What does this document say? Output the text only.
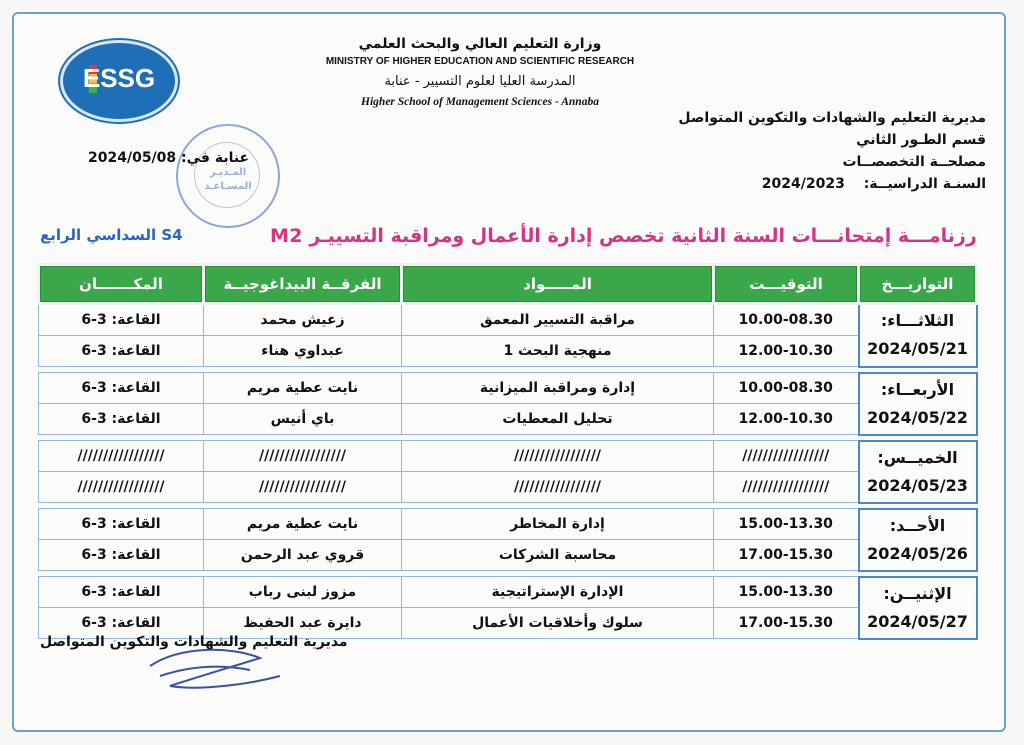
ESSG
وزارة التعليم العالي والبحث العلمي
MINISTRY OF HIGHER EDUCATION AND SCIENTIFIC RESEARCH
المدرسة العليا لعلوم التسيير - عنابة
Higher School of Management Sciences - Annaba
مديرية التعليم والشهادات والتكوين المتواصل
قسم الطـور الثاني
مصلحــة التخصصــات
السنـة الدراسيــة: 2024/2023
المـديـر
المسـاعـد
عنابة في: 2024/05/08
رزنامـــة إمتحانـــات السنة الثانية تخصص إدارة الأعمال ومراقبة التسييـر M2
السداسي الرابع S4
التواريـــخ	التوقيـــت	المـــــواد	الفرقــة البيداغوجيــة	المكـــــــان

الثلاثـــاء:
2024/05/21	10.00-08.30	مراقبة التسيير المعمق	زعيش محمد	القاعة: 3-6
	12.00-10.30	منهجية البحث 1	عبداوي هناء	القاعة: 3-6

الأربعــاء:
2024/05/22	10.00-08.30	إدارة ومراقبة الميزانية	نايت عطية مريم	القاعة: 3-6
	12.00-10.30	تحليل المعطيات	باي أنيس	القاعة: 3-6

الخميــس:
2024/05/23	/////////////////	/////////////////	/////////////////	/////////////////
	/////////////////	/////////////////	/////////////////	/////////////////

الأحــد:
2024/05/26	15.00-13.30	إدارة المخاطر	نايت عطية مريم	القاعة: 3-6
	17.00-15.30	محاسبة الشركات	قروي عبد الرحمن	القاعة: 3-6

الإثنيــن:
2024/05/27	15.00-13.30	الإدارة الإستراتيجية	مزوز لبنى رباب	القاعة: 3-6
	17.00-15.30	سلوك وأخلاقيات الأعمال	دايرة عبد الحفيظ	القاعة: 3-6
مديرية التعليم والشهادات والتكوين المتواصل
